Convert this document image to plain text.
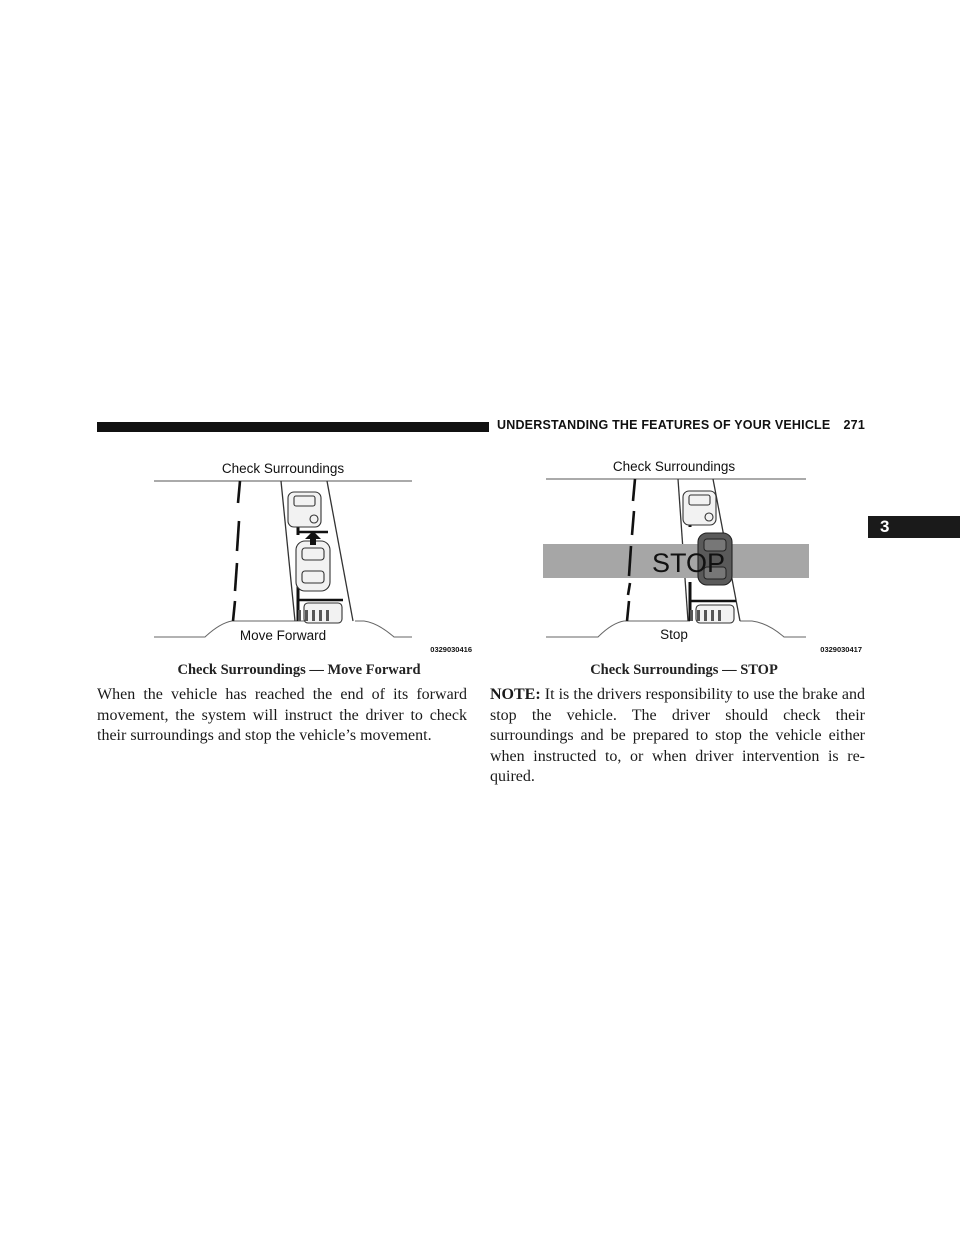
UNDERSTANDING THE FEATURES OF YOUR VEHICLE 271
3
Check Surroundings
Move Forward
0329030416
Check Surroundings — Move Forward
Check Surroundings
STOP
Stop
0329030417
Check Surroundings — STOP
When the vehicle has reached the end of its forward movement, the system will instruct the driver to check their surroundings and stop the vehicle’s movement.
NOTE: It is the drivers responsibility to use the brake and stop the vehicle. The driver should check their surroundings and be prepared to stop the vehicle either when instructed to, or when driver intervention is re-quired.
